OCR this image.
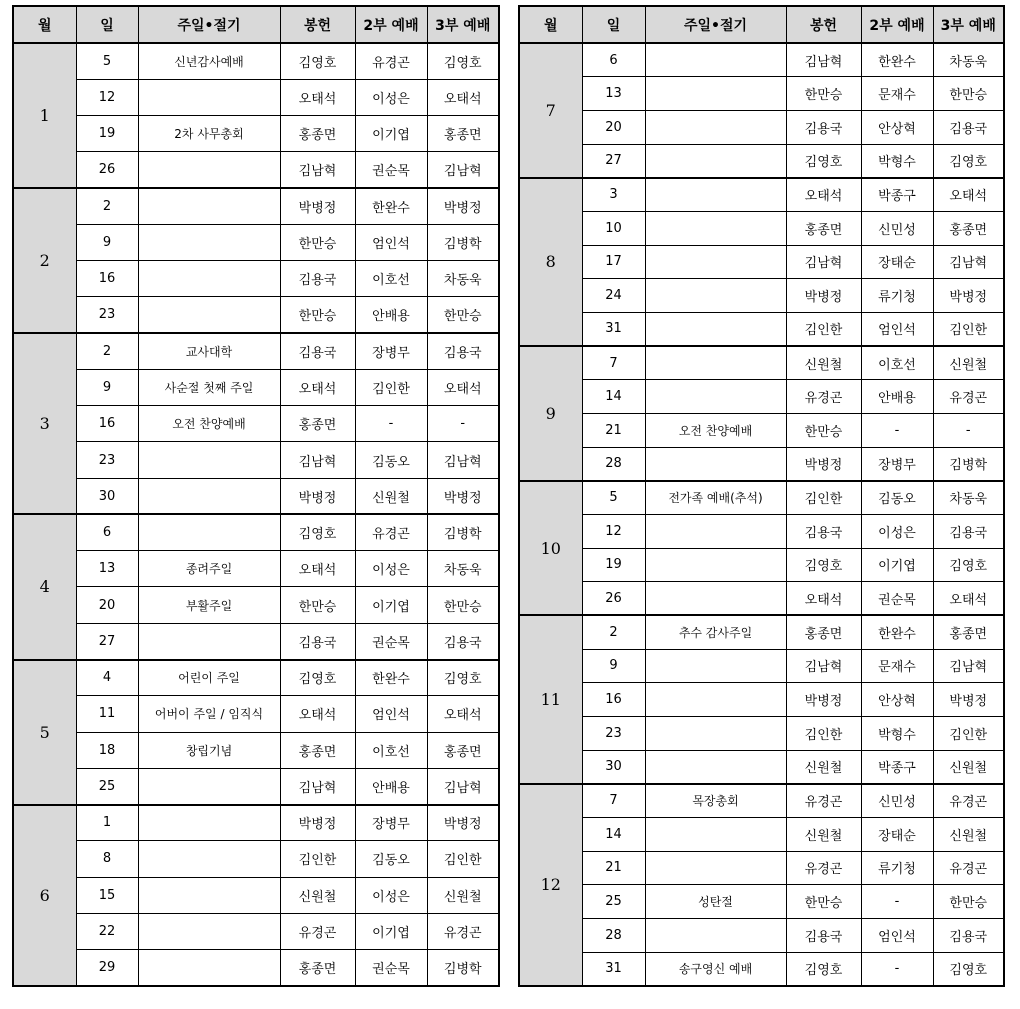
월	일	주일•절기	봉헌	2부 예배	3부 예배
1	5	신년감사예배	김영호	유경곤	김영호
	12		오태석	이성은	오태석
	19	2차 사무총회	홍종면	이기엽	홍종면
	26		김남혁	권순목	김남혁
2	2		박병정	한완수	박병정
	9		한만승	엄인석	김병학
	16		김용국	이호선	차동욱
	23		한만승	안배용	한만승
3	2	교사대학	김용국	장병무	김용국
	9	사순절 첫째 주일	오태석	김인한	오태석
	16	오전 찬양예배	홍종면	-	-
	23		김남혁	김동오	김남혁
	30		박병정	신원철	박병정
4	6		김영호	유경곤	김병학
	13	종려주일	오태석	이성은	차동욱
	20	부활주일	한만승	이기엽	한만승
	27		김용국	권순목	김용국
5	4	어린이 주일	김영호	한완수	김영호
	11	어버이 주일 / 임직식	오태석	엄인석	오태석
	18	창립기념	홍종면	이호선	홍종면
	25		김남혁	안배용	김남혁
6	1		박병정	장병무	박병정
	8		김인한	김동오	김인한
	15		신원철	이성은	신원철
	22		유경곤	이기엽	유경곤
	29		홍종면	권순목	김병학
월	일	주일•절기	봉헌	2부 예배	3부 예배
7	6		김남혁	한완수	차동욱
	13		한만승	문재수	한만승
	20		김용국	안상혁	김용국
	27		김영호	박형수	김영호
8	3		오태석	박종구	오태석
	10		홍종면	신민성	홍종면
	17		김남혁	장태순	김남혁
	24		박병정	류기청	박병정
	31		김인한	엄인석	김인한
9	7		신원철	이호선	신원철
	14		유경곤	안배용	유경곤
	21	오전 찬양예배	한만승	-	-
	28		박병정	장병무	김병학
10	5	전가족 예배(추석)	김인한	김동오	차동욱
	12		김용국	이성은	김용국
	19		김영호	이기엽	김영호
	26		오태석	권순목	오태석
11	2	추수 감사주일	홍종면	한완수	홍종면
	9		김남혁	문재수	김남혁
	16		박병정	안상혁	박병정
	23		김인한	박형수	김인한
	30		신원철	박종구	신원철
12	7	목장총회	유경곤	신민성	유경곤
	14		신원철	장태순	신원철
	21		유경곤	류기청	유경곤
	25	성탄절	한만승	-	한만승
	28		김용국	엄인석	김용국
	31	송구영신 예배	김영호	-	김영호
